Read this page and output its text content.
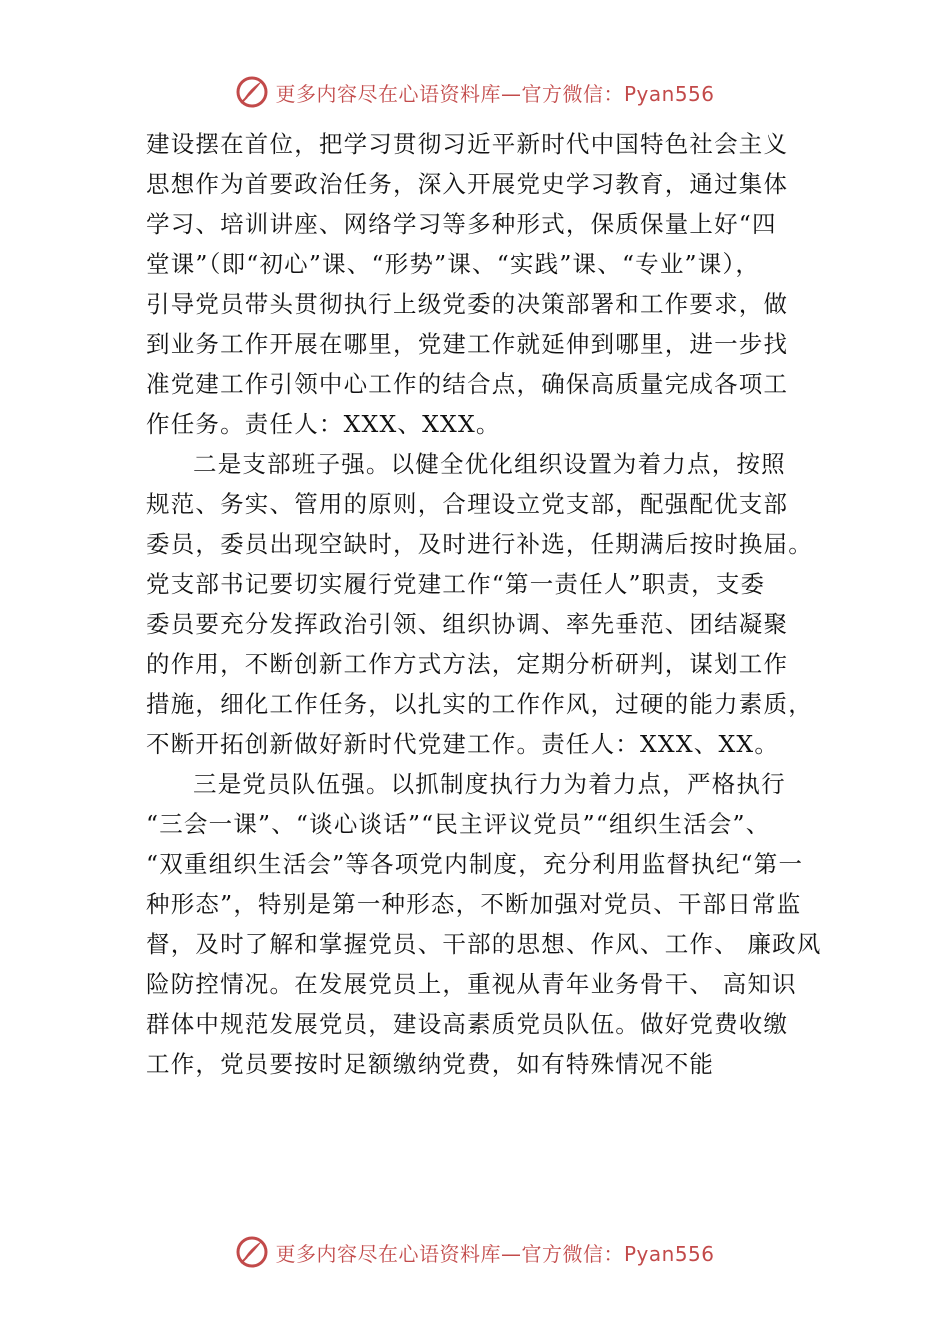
更多内容尽在心语资料库—官方微信：Pyan556
建设摆在首位，把学习贯彻习近平新时代中国特色社会主义
思想作为首要政治任务，深入开展党史学习教育，通过集体
学习、培训讲座、网络学习等多种形式，保质保量上好“四
堂课”（即“初心”课、“形势”课、“实践”课、“专业”课），
引导党员带头贯彻执行上级党委的决策部署和工作要求，做
到业务工作开展在哪里，党建工作就延伸到哪里，进一步找
准党建工作引领中心工作的结合点，确保高质量完成各项工
作任务。责任人：XXX、XXX。
二是支部班子强。以健全优化组织设置为着力点，按照
规范、务实、管用的原则，合理设立党支部，配强配优支部
委员，委员出现空缺时，及时进行补选，任期满后按时换届。
党支部书记要切实履行党建工作“第一责任人”职责，支委
委员要充分发挥政治引领、组织协调、率先垂范、团结凝聚
的作用，不断创新工作方式方法，定期分析研判，谋划工作
措施，细化工作任务，以扎实的工作作风，过硬的能力素质，
不断开拓创新做好新时代党建工作。责任人：XXX、XX。
三是党员队伍强。以抓制度执行力为着力点，严格执行
“三会一课”、“谈心谈话”“民主评议党员”“组织生活会”、
“双重组织生活会”等各项党内制度，充分利用监督执纪“第一
种形态”，特别是第一种形态，不断加强对党员、干部日常监
督，及时了解和掌握党员、干部的思想、作风、工作、 廉政风
险防控情况。在发展党员上，重视从青年业务骨干、 高知识
群体中规范发展党员，建设高素质党员队伍。做好党费收缴
工作，党员要按时足额缴纳党费，如有特殊情况不能
更多内容尽在心语资料库—官方微信：Pyan556
